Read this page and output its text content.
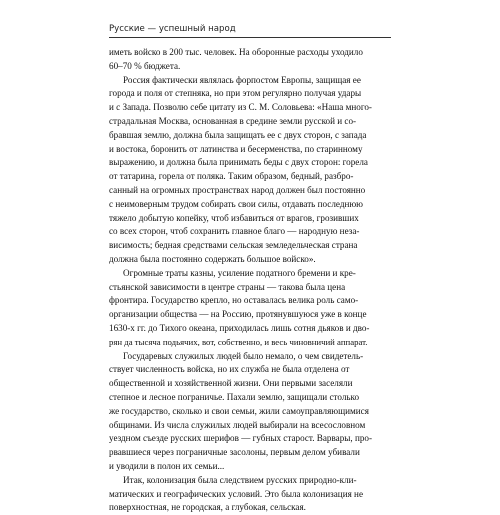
Русские — успешный народ

иметь войско в 200 тыс. человек. На оборонные расходы уходило
60–70 % бюджета.

Россия фактически являлась форпостом Европы, защищая ее
города и поля от степняка, но при этом регулярно получая удары
и с Запада. Позволю себе цитату из С. М. Соловьева: «Наша много-
страдальная Москва, основанная в средине земли русской и со-
бравшая землю, должна была защищать ее с двух сторон, с запада
и востока, боронить от латинства и бесерменства, по старинному
выражению, и должна была принимать беды с двух сторон: горела
от татарина, горела от поляка. Таким образом, бедный, разбро-
санный на огромных пространствах народ должен был постоянно
с неимоверным трудом собирать свои силы, отдавать последнюю
тяжело добытую копейку, чтоб избавиться от врагов, грозивших
со всех сторон, чтоб сохранить главное благо — народную неза-
висимость; бедная средствами сельская земледельческая страна
должна была постоянно содержать большое войско».

Огромные траты казны, усиление податного бремени и кре-
стьянской зависимости в центре страны — такова была цена
фронтира. Государство крепло, но оставалась велика роль само-
организации общества — на Россию, протянувшуюся уже в конце
1630-х гг. до Тихого океана, приходилась лишь сотня дьяков и дво-
рян да тысяча подьячих, вот, собственно, и весь чиновничий аппарат.

Государевых служилых людей было немало, о чем свидетель-
ствует численность войска, но их служба не была отделена от
общественной и хозяйственной жизни. Они первыми заселяли
степное и лесное пограничье. Пахали землю, защищали столько
же государство, сколько и свои семьи, жили самоуправляющимися
общинами. Из числа служилых людей выбирали на всесословном
уездном съезде русских шерифов — губных старост. Варвары, про-
рвавшиеся через пограничные засолоны, первым делом убивали
и уводили в полон их семьи...

Итак, колонизация была следствием русских природно-кли-
матических и географических условий. Это была колонизация не
поверхностная, не городская, а глубокая, сельская.
